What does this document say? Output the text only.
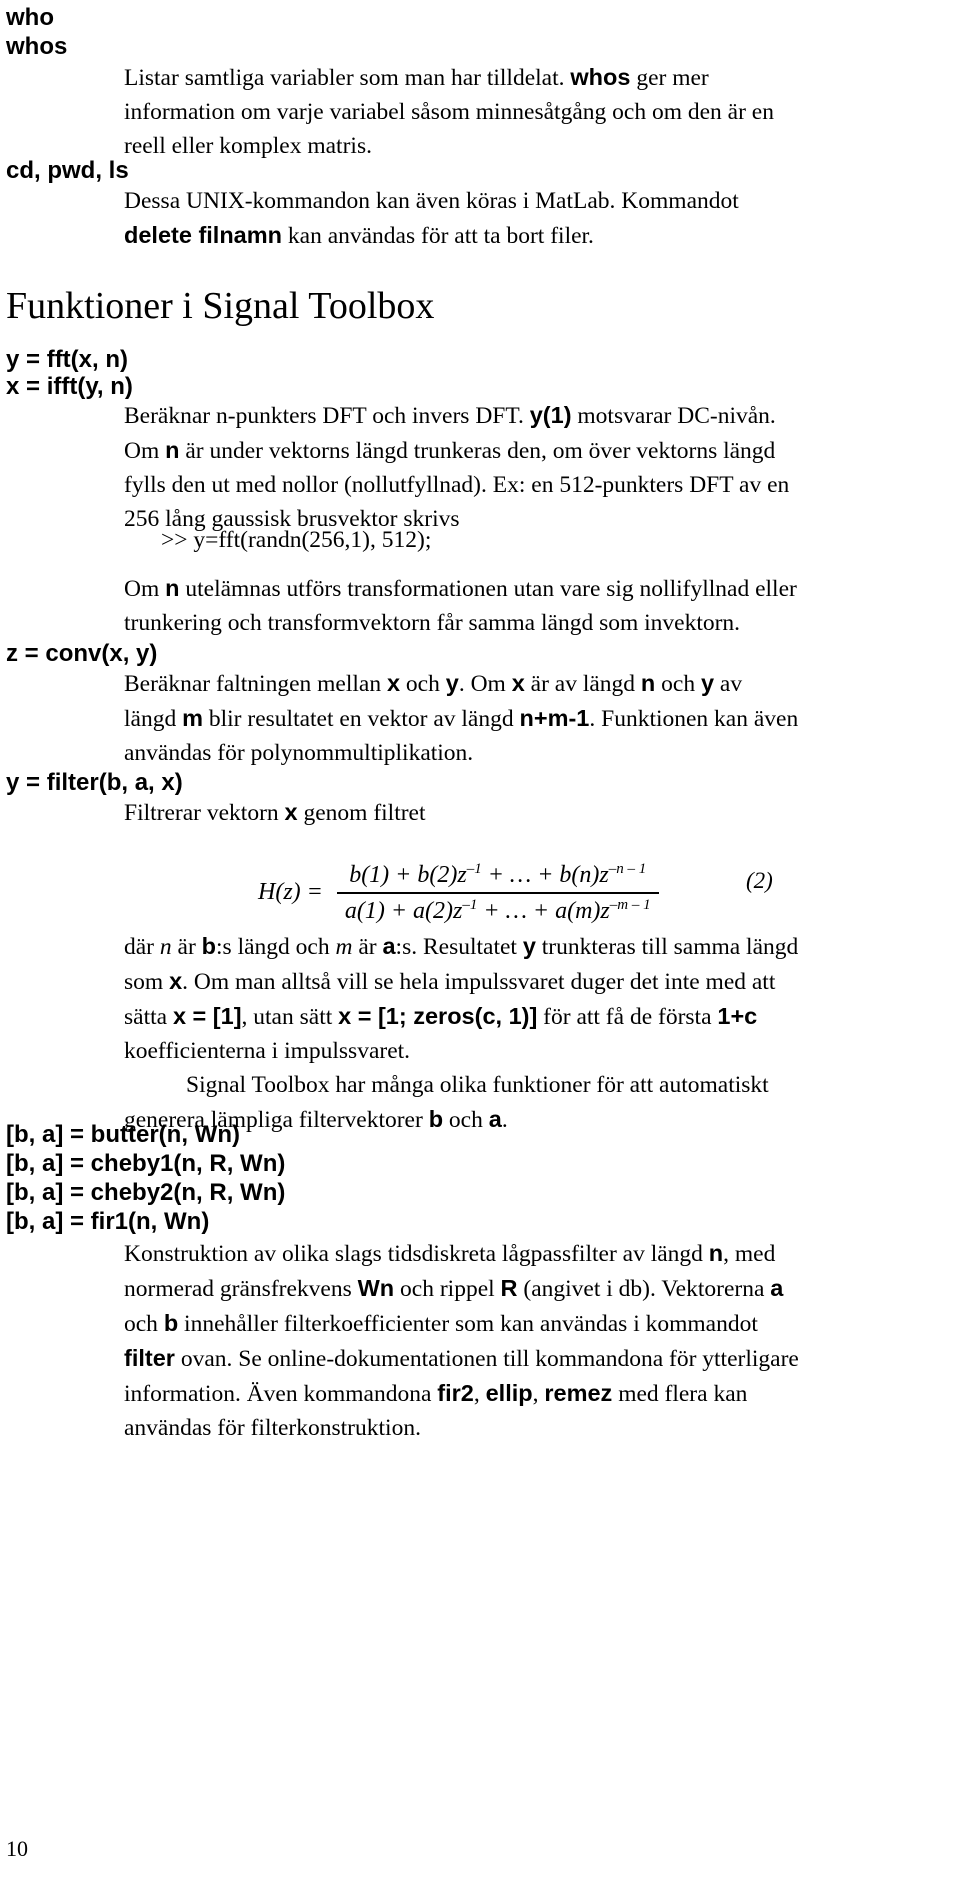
who
whos

Listar samtliga variabler som man har tilldelat. whos ger mer information om varje variabel såsom minnesåtgång och om den är en reell eller komplex matris.

cd, pwd, ls

Dessa UNIX-kommandon kan även köras i MatLab. Kommandot delete filnamn kan användas för att ta bort filer.

Funktioner i Signal Toolbox
y = fft(x, n)
x = ifft(y, n)

Beräknar n-punkters DFT och invers DFT. y(1) motsvarar DC-nivån. Om n är under vektorns längd trunkeras den, om över vektorns längd fylls den ut med nollor (nollutfyllnad). Ex: en 512-punkters DFT av en 256 lång gaussisk brusvektor skrivs

>> y=fft(randn(256,1), 512);

Om n utelämnas utförs transformationen utan vare sig nollifyllnad eller trunkering och transformvektorn får samma längd som invektorn.

z = conv(x, y)

Beräknar faltningen mellan x och y. Om x är av längd n och y av längd m blir resultatet en vektor av längd n+m-1. Funktionen kan även användas för polynommultiplikation.

y = filter(b, a, x)

Filtrerar vektorn x genom filtret

$H(z) = \frac{b(1) + b(2)z^{-1} + \dots + b(n)z^{-n - 1}}{a(1) + a(2)z^{-1} + \dots + a(m)z^{-m - 1}}$	(2)

där n är b:s längd och m är a:s. Resultatet y trunkteras till samma längd som x. Om man alltså vill se hela impulssvaret duger det inte med att sätta x = [1], utan sätt x = [1; zeros(c, 1)] för att få de första 1+c koefficienterna i impulssvaret.

Signal Toolbox har många olika funktioner för att automatiskt generera lämpliga filtervektorer b och a.

[b, a] = butter(n, Wn)
[b, a] = cheby1(n, R, Wn)
[b, a] = cheby2(n, R, Wn)
[b, a] = fir1(n, Wn)

Konstruktion av olika slags tidsdiskreta lågpassfilter av längd n, med normerad gränsfrekvens Wn och rippel R (angivet i db). Vektorerna a och b innehåller filterkoefficienter som kan användas i kommandot filter ovan. Se online-dokumentationen till kommandona för ytterligare information. Även kommandona fir2, ellip, remez med flera kan användas för filterkonstruktion.

10
